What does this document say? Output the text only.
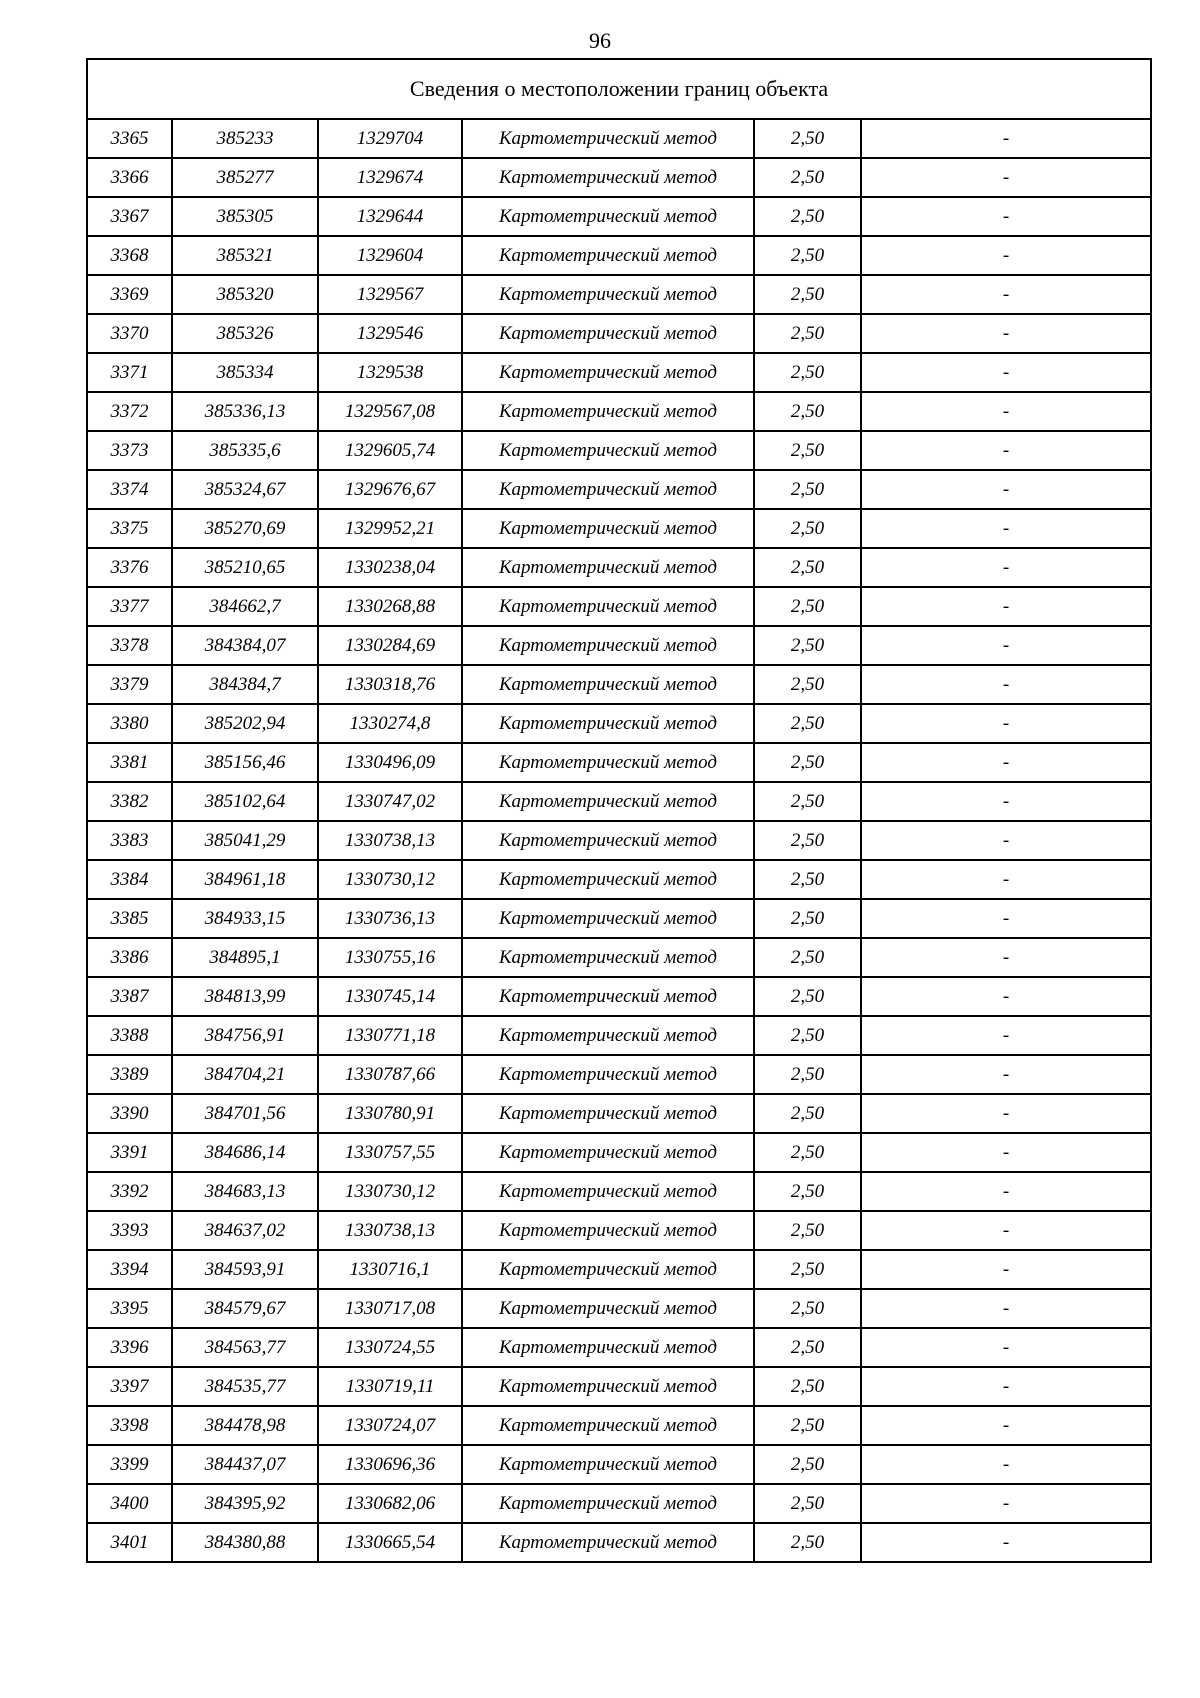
96
Сведения о местоположении границ объекта					
3365	385233	1329704	Картометрический метод	2,50	-
3366	385277	1329674	Картометрический метод	2,50	-
3367	385305	1329644	Картометрический метод	2,50	-
3368	385321	1329604	Картометрический метод	2,50	-
3369	385320	1329567	Картометрический метод	2,50	-
3370	385326	1329546	Картометрический метод	2,50	-
3371	385334	1329538	Картометрический метод	2,50	-
3372	385336,13	1329567,08	Картометрический метод	2,50	-
3373	385335,6	1329605,74	Картометрический метод	2,50	-
3374	385324,67	1329676,67	Картометрический метод	2,50	-
3375	385270,69	1329952,21	Картометрический метод	2,50	-
3376	385210,65	1330238,04	Картометрический метод	2,50	-
3377	384662,7	1330268,88	Картометрический метод	2,50	-
3378	384384,07	1330284,69	Картометрический метод	2,50	-
3379	384384,7	1330318,76	Картометрический метод	2,50	-
3380	385202,94	1330274,8	Картометрический метод	2,50	-
3381	385156,46	1330496,09	Картометрический метод	2,50	-
3382	385102,64	1330747,02	Картометрический метод	2,50	-
3383	385041,29	1330738,13	Картометрический метод	2,50	-
3384	384961,18	1330730,12	Картометрический метод	2,50	-
3385	384933,15	1330736,13	Картометрический метод	2,50	-
3386	384895,1	1330755,16	Картометрический метод	2,50	-
3387	384813,99	1330745,14	Картометрический метод	2,50	-
3388	384756,91	1330771,18	Картометрический метод	2,50	-
3389	384704,21	1330787,66	Картометрический метод	2,50	-
3390	384701,56	1330780,91	Картометрический метод	2,50	-
3391	384686,14	1330757,55	Картометрический метод	2,50	-
3392	384683,13	1330730,12	Картометрический метод	2,50	-
3393	384637,02	1330738,13	Картометрический метод	2,50	-
3394	384593,91	1330716,1	Картометрический метод	2,50	-
3395	384579,67	1330717,08	Картометрический метод	2,50	-
3396	384563,77	1330724,55	Картометрический метод	2,50	-
3397	384535,77	1330719,11	Картометрический метод	2,50	-
3398	384478,98	1330724,07	Картометрический метод	2,50	-
3399	384437,07	1330696,36	Картометрический метод	2,50	-
3400	384395,92	1330682,06	Картометрический метод	2,50	-
3401	384380,88	1330665,54	Картометрический метод	2,50	-
